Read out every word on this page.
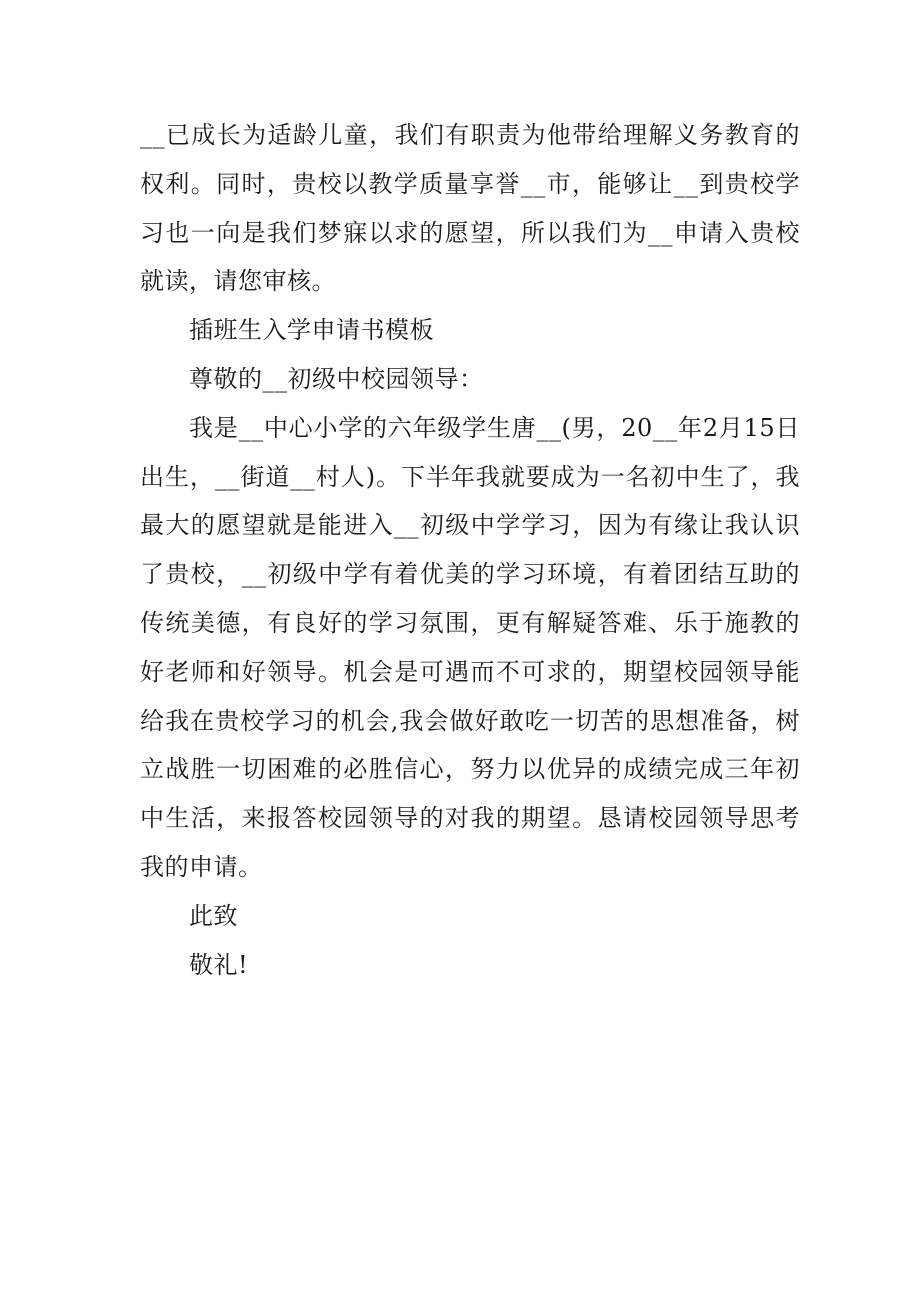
__已成长为适龄儿童，我们有职责为他带给理解义务教育的权利。同时，贵校以教学质量享誉__市，能够让__到贵校学习也一向是我们梦寐以求的愿望，所以我们为__申请入贵校就读，请您审核。

插班生入学申请书模板

尊敬的__初级中校园领导：

我是__中心小学的六年级学生唐__(男，20__年2月15日出生，__街道__村人)。下半年我就要成为一名初中生了，我最大的愿望就是能进入__初级中学学习，因为有缘让我认识了贵校，__初级中学有着优美的学习环境，有着团结互助的传统美德，有良好的学习氛围，更有解疑答难、乐于施教的好老师和好领导。机会是可遇而不可求的，期望校园领导能给我在贵校学习的机会,我会做好敢吃一切苦的思想准备，树立战胜一切困难的必胜信心，努力以优异的成绩完成三年初中生活，来报答校园领导的对我的期望。恳请校园领导思考我的申请。

此致

敬礼!
